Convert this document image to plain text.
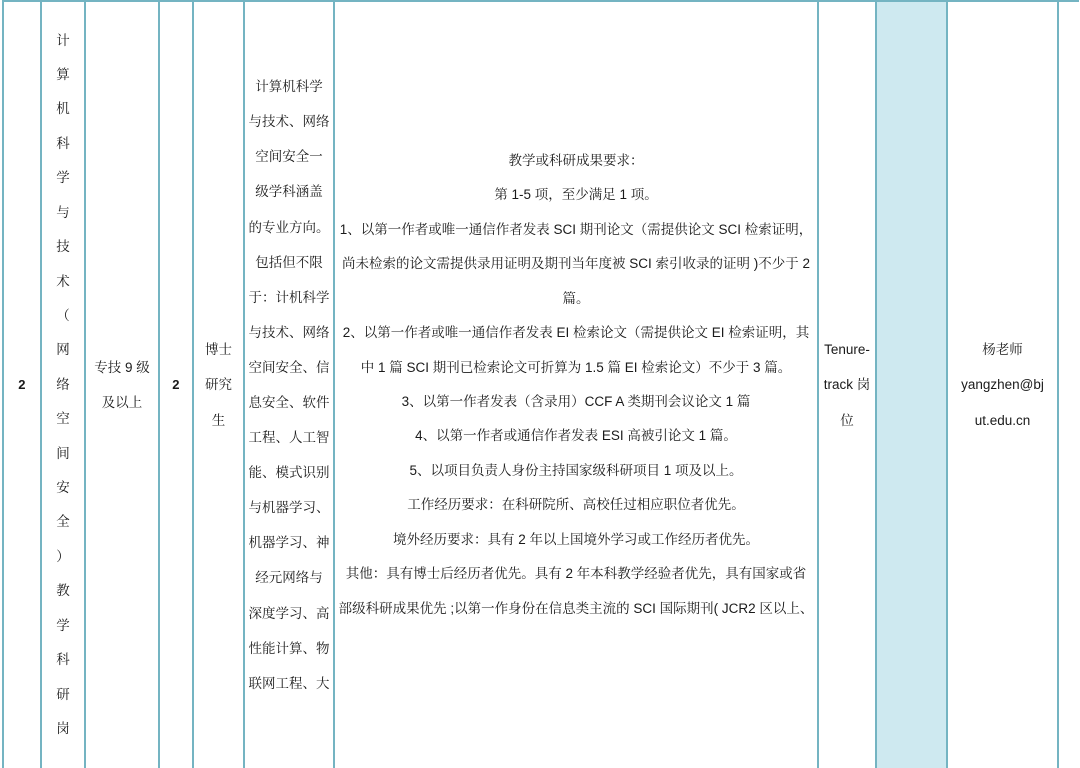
2
计
算
机
科
学
与
技
术
（
网
络
空
间
安
全
）
教
学
科
研
岗
专技 9 级
及以上
2
博士
研究
生
计算机科学
与技术、网络
空间安全一
级学科涵盖
的专业方向。
包括但不限
于：计机科学
与技术、网络
空间安全、信
息安全、软件
工程、人工智
能、模式识别
与机器学习、
机器学习、神
经元网络与
深度学习、高
性能计算、物
联网工程、大

教学或科研成果要求：

第 1-5 项，至少满足 1 项。

1、以第一作者或唯一通信作者发表 SCI 期刊论文（需提供论文 SCI 检索证明，

尚未检索的论文需提供录用证明及期刊当年度被 SCI 索引收录的证明 )不少于 2

篇。

2、以第一作者或唯一通信作者发表 EI 检索论文（需提供论文 EI 检索证明，其

中 1 篇 SCI 期刊已检索论文可折算为 1.5 篇 EI 检索论文）不少于 3 篇。

3、以第一作者发表（含录用）CCF A 类期刊会议论文 1 篇

4、以第一作者或通信作者发表 ESI 高被引论文 1 篇。

5、以项目负责人身份主持国家级科研项目 1 项及以上。

工作经历要求：在科研院所、高校任过相应职位者优先。

境外经历要求：具有 2 年以上国境外学习或工作经历者优先。

其他：具有博士后经历者优先。具有 2 年本科教学经验者优先，具有国家或省

部级科研成果优先 ;以第一作身份在信息类主流的 SCI 国际期刊( JCR2 区以上、

Tenure-
track 岗
位
杨老师
yangzhen@bj
ut.edu.cn
